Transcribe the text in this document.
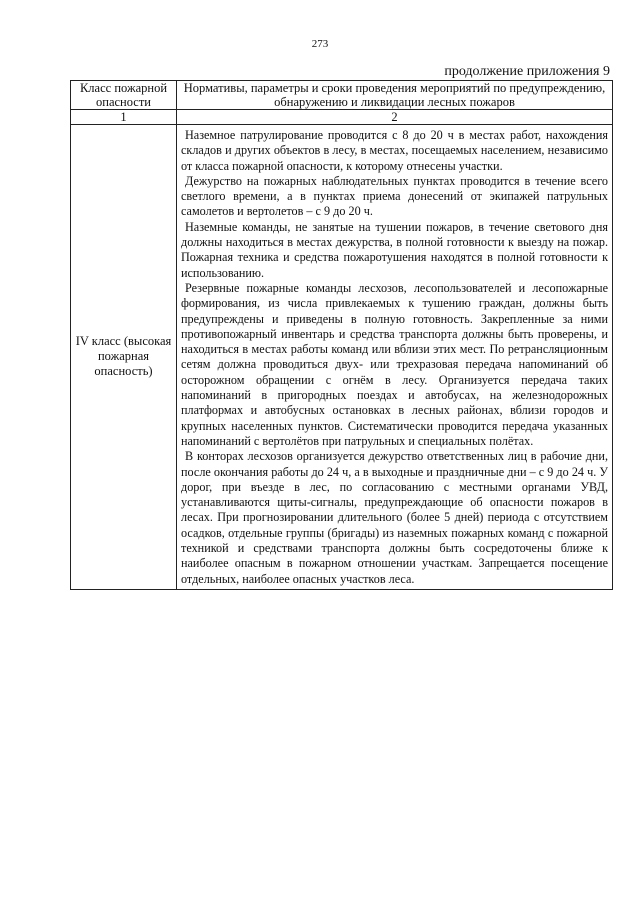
273
продолжение приложения 9
Класс пожарной опасности	Нормативы, параметры и сроки проведения мероприятий по предупреждению, обнаружению и ликвидации лесных пожаров
1	2
IV класс (высокая пожарная опасность)	Наземное патрулирование проводится с 8 до 20 ч в местах работ, нахождения складов и других объектов в лесу, в местах, посещаемых населением, независимо от класса пожарной опасности, к которому отнесены участки.

Дежурство на пожарных наблюдательных пунктах проводится в течение всего светлого времени, а в пунктах приема донесений от экипажей патрульных самолетов и вертолетов – с 9 до 20 ч.

Наземные команды, не занятые на тушении пожаров, в течение светового дня должны находиться в местах дежурства, в полной готовности к выезду на пожар. Пожарная техника и средства пожаротушения находятся в полной готовности к использованию.

Резервные пожарные команды лесхозов, лесопользователей и лесопожарные формирования, из числа привлекаемых к тушению граждан, должны быть предупреждены и приведены в полную готовность. Закрепленные за ними противопожарный инвентарь и средства транспорта должны быть проверены, и находиться в местах работы команд или вблизи этих мест. По ретрансляционным сетям должна проводиться двух- или трехразовая передача напоминаний об осторожном обращении с огнём в лесу. Организуется передача таких напоминаний в пригородных поездах и автобусах, на железнодорожных платформах и автобусных остановках в лесных районах, вблизи городов и крупных населенных пунктов. Систематически проводится передача указанных напоминаний с вертолётов при патрульных и специальных полётах.

В конторах лесхозов организуется дежурство ответственных лиц в рабочие дни, после окончания работы до 24 ч, а в выходные и праздничные дни – с 9 до 24 ч. У дорог, при въезде в лес, по согласованию с местными органами УВД, устанавливаются щиты-сигналы, предупреждающие об опасности пожаров в лесах. При прогнозировании длительного (более 5 дней) периода с отсутствием осадков, отдельные группы (бригады) из наземных пожарных команд с пожарной техникой и средствами транспорта должны быть сосредоточены ближе к наиболее опасным в пожарном отношении участкам. Запрещается посещение отдельных, наиболее опасных участков леса.
